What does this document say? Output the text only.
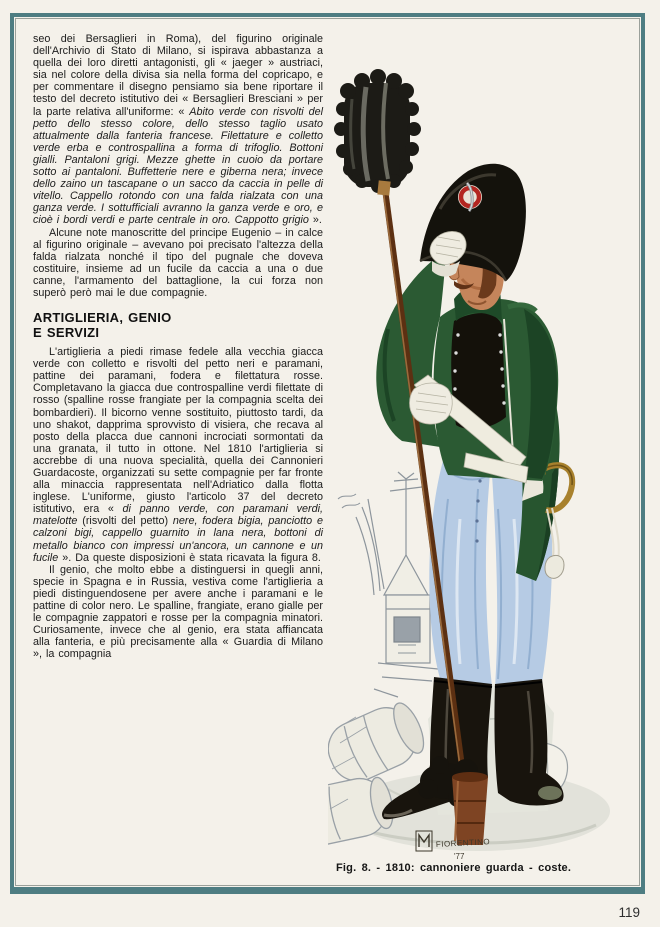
seo dei Bersaglieri in Roma), del figurino originale dell'Archivio di Stato di Milano, si ispirava abbastanza a quella dei loro diretti antagonisti, gli « jaeger » austriaci, sia nel colore della divisa sia nella forma del copricapo, e per commentare il disegno pensiamo sia bene riportare il testo del decreto istitutivo dei « Bersaglieri Bresciani » per la parte relativa all'uniforme: « Abito verde con risvolti del petto dello stesso colore, dello stesso taglio usato attualmente dalla fanteria francese. Filettature e colletto verde erba e controspallina a forma di trifoglio. Bottoni gialli. Pantaloni grigi. Mezze ghette in cuoio da portare sotto ai pantaloni. Buffetterie nere e giberna nera; invece dello zaino un tascapane o un sacco da caccia in pelle di vitello. Cappello rotondo con una falda rialzata con una ganza verde. I sottufficiali avranno la ganza verde e oro, e cioè i bordi verdi e parte centrale in oro. Cappotto grigio ».

Alcune note manoscritte del principe Eugenio – in calce al figurino originale – avevano poi precisato l'altezza della falda rialzata nonché il tipo del pugnale che doveva costituire, insieme ad un fucile da caccia a una o due canne, l'armamento del battaglione, la cui forza non superò però mai le due compagnie.

ARTIGLIERIA, GENIO
E SERVIZI

L'artiglieria a piedi rimase fedele alla vecchia giacca verde con colletto e risvolti del petto neri e paramani, pattine dei paramani, fodera e filettatura rosse. Completavano la giacca due controspalline verdi filettate di rosso (spalline rosse frangiate per la compagnia scelta dei bombardieri). Il bicorno venne sostituito, piuttosto tardi, da uno shakot, dapprima sprovvisto di visiera, che recava al posto della placca due cannoni incrociati sormontati da una granata, il tutto in ottone. Nel 1810 l'artiglieria si accrebbe di una nuova specialità, quella dei Cannonieri Guardacoste, organizzati su sette compagnie per far fronte alla minaccia rappresentata nell'Adriatico dalla flotta inglese. L'uniforme, giusto l'articolo 37 del decreto istitutivo, era « di panno verde, con paramani verdi, matelotte (risvolti del petto) nere, fodera bigia, panciotto e calzoni bigi, cappello guarnito in lana nera, bottoni di metallo bianco con impressi un'ancora, un cannone e un fucile ». Da queste disposizioni è stata ricavata la figura 8.

Il genio, che molto ebbe a distinguersi in quegli anni, specie in Spagna e in Russia, vestiva come l'artiglieria a piedi distinguendosene per avere anche i paramani e le pattine di color nero. Le spalline, frangiate, erano gialle per le compagnie zappatori e rosse per la compagnia minatori. Curiosamente, invece che al genio, era stata affiancata alla fanteria, e più precisamente alla « Guardia di Milano », la compagnia

FIORENTINO
'77
Fig. 8. - 1810: cannoniere guarda - coste.
119
